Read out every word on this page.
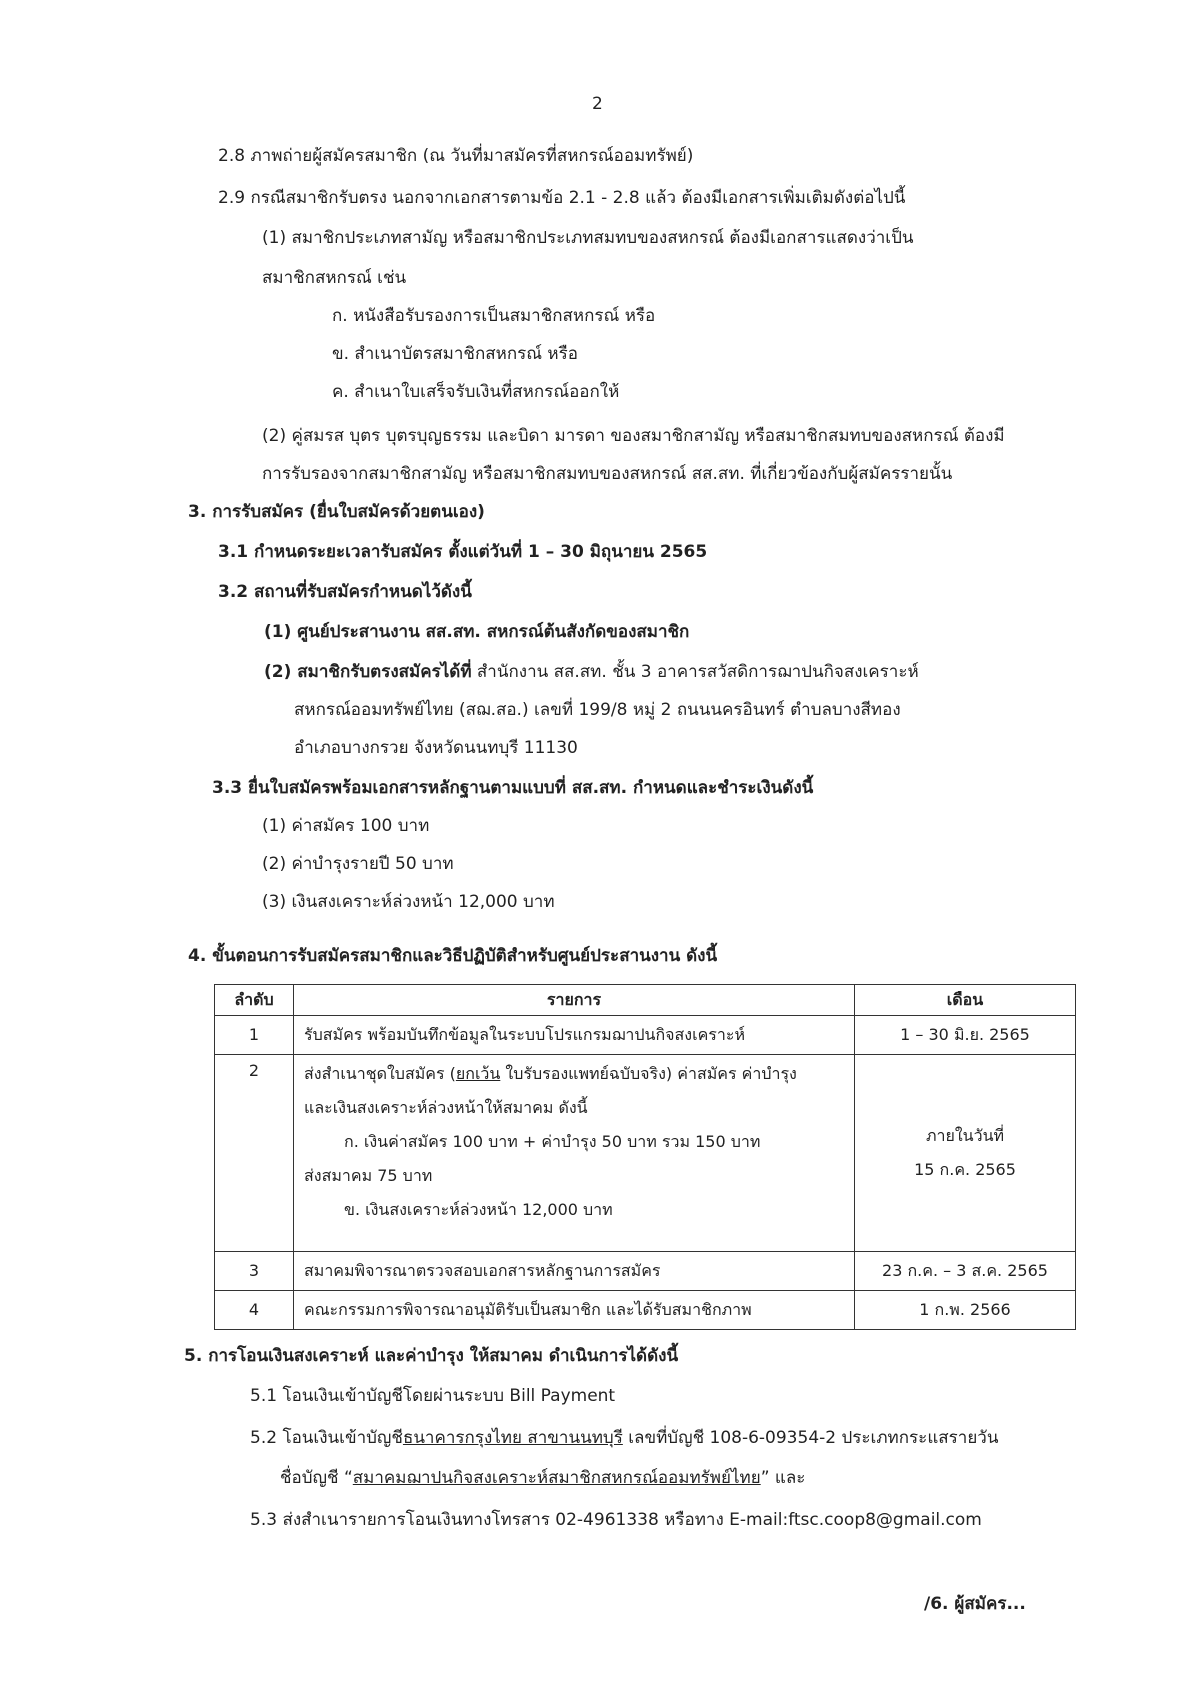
2
2.8 ภาพถ่ายผู้สมัครสมาชิก (ณ วันที่มาสมัครที่สหกรณ์ออมทรัพย์)
2.9 กรณีสมาชิกรับตรง นอกจากเอกสารตามข้อ 2.1 - 2.8 แล้ว ต้องมีเอกสารเพิ่มเติมดังต่อไปนี้
(1) สมาชิกประเภทสามัญ หรือสมาชิกประเภทสมทบของสหกรณ์ ต้องมีเอกสารแสดงว่าเป็น
สมาชิกสหกรณ์ เช่น
ก. หนังสือรับรองการเป็นสมาชิกสหกรณ์ หรือ
ข. สำเนาบัตรสมาชิกสหกรณ์ หรือ
ค. สำเนาใบเสร็จรับเงินที่สหกรณ์ออกให้
(2) คู่สมรส บุตร บุตรบุญธรรม และบิดา มารดา ของสมาชิกสามัญ หรือสมาชิกสมทบของสหกรณ์ ต้องมี
การรับรองจากสมาชิกสามัญ หรือสมาชิกสมทบของสหกรณ์ สส.สท. ที่เกี่ยวข้องกับผู้สมัครรายนั้น
3. การรับสมัคร (ยื่นใบสมัครด้วยตนเอง)
3.1 กำหนดระยะเวลารับสมัคร ตั้งแต่วันที่ 1 – 30 มิถุนายน 2565
3.2 สถานที่รับสมัครกำหนดไว้ดังนี้
(1) ศูนย์ประสานงาน สส.สท. สหกรณ์ต้นสังกัดของสมาชิก
(2) สมาชิกรับตรงสมัครได้ที่ สำนักงาน สส.สท. ชั้น 3 อาคารสวัสดิการฌาปนกิจสงเคราะห์
สหกรณ์ออมทรัพย์ไทย (สฌ.สอ.) เลขที่ 199/8 หมู่ 2 ถนนนครอินทร์ ตำบลบางสีทอง
อำเภอบางกรวย จังหวัดนนทบุรี 11130
3.3 ยื่นใบสมัครพร้อมเอกสารหลักฐานตามแบบที่ สส.สท. กำหนดและชำระเงินดังนี้
(1) ค่าสมัคร 100 บาท
(2) ค่าบำรุงรายปี 50 บาท
(3) เงินสงเคราะห์ล่วงหน้า 12,000 บาท
4. ขั้นตอนการรับสมัครสมาชิกและวิธีปฏิบัติสำหรับศูนย์ประสานงาน ดังนี้
ลำดับ	รายการ	เดือน
1	รับสมัคร พร้อมบันทึกข้อมูลในระบบโปรแกรมฌาปนกิจสงเคราะห์	1 – 30 มิ.ย. 2565
2	ส่งสำเนาชุดใบสมัคร (ยกเว้น ใบรับรองแพทย์ฉบับจริง) ค่าสมัคร ค่าบำรุง
และเงินสงเคราะห์ล่วงหน้าให้สมาคม ดังนี้
ก. เงินค่าสมัคร 100 บาท + ค่าบำรุง 50 บาท รวม 150 บาท
ส่งสมาคม 75 บาท
ข. เงินสงเคราะห์ล่วงหน้า 12,000 บาท	ภายในวันที่
15 ก.ค. 2565

3	สมาคมพิจารณาตรวจสอบเอกสารหลักฐานการสมัคร	23 ก.ค. – 3 ส.ค. 2565
4	คณะกรรมการพิจารณาอนุมัติรับเป็นสมาชิก และได้รับสมาชิกภาพ	1 ก.พ. 2566
5. การโอนเงินสงเคราะห์ และค่าบำรุง ให้สมาคม ดำเนินการได้ดังนี้
5.1 โอนเงินเข้าบัญชีโดยผ่านระบบ Bill Payment
5.2 โอนเงินเข้าบัญชีธนาคารกรุงไทย สาขานนทบุรี เลขที่บัญชี 108-6-09354-2 ประเภทกระแสรายวัน
ชื่อบัญชี “สมาคมฌาปนกิจสงเคราะห์สมาชิกสหกรณ์ออมทรัพย์ไทย” และ
5.3 ส่งสำเนารายการโอนเงินทางโทรสาร 02-4961338 หรือทาง E-mail:ftsc.coop8@gmail.com
/6. ผู้สมัคร...
